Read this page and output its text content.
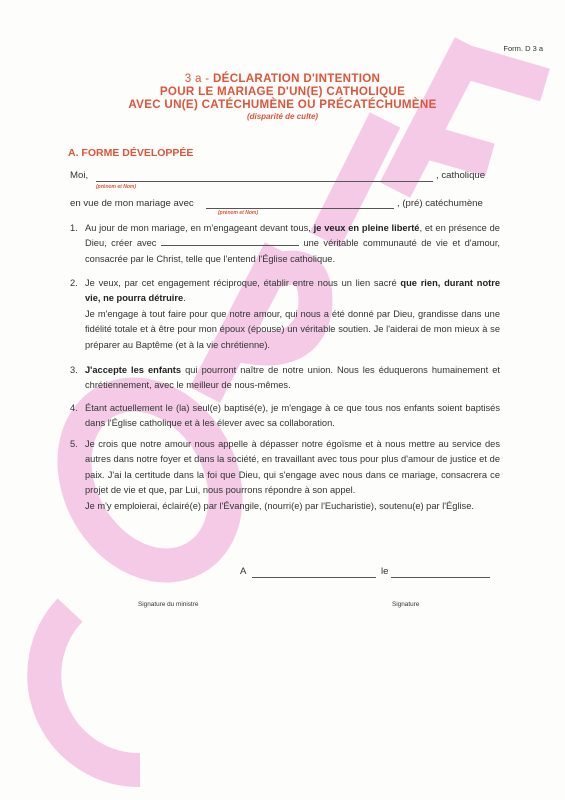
Form. D 3 a
3 a - DÉCLARATION D'INTENTION
POUR LE MARIAGE D'UN(E) CATHOLIQUE
AVEC UN(E) CATÉCHUMÈNE OU PRÉCATÉCHUMÈNE
(disparité de culte)
A. FORME DÉVELOPPÉE
Moi,	, catholique
(prénom et Nom)
en vue de mon mariage avec	, (pré) catéchumène
(prénom et Nom)
1. Au jour de mon mariage, en m'engageant devant tous, je veux en pleine liberté, et en présence de Dieu, créer avec	une véritable communauté de vie et d'amour, consacrée par le Christ, telle que l'entend l'Église catholique.
2. Je veux, par cet engagement réciproque, établir entre nous un lien sacré que rien, durant notre vie, ne pourra détruire.
Je m'engage à tout faire pour que notre amour, qui nous a été donné par Dieu, grandisse dans une fidélité totale et à être pour mon époux (épouse) un véritable soutien. Je l'aiderai de mon mieux à se préparer au Baptême (et à la vie chrétienne).
3. J'accepte les enfants qui pourront naître de notre union. Nous les éduquerons humainement et chrétiennement, avec le meilleur de nous-mêmes.
4. Étant actuellement le (la) seul(e) baptisé(e), je m'engage à ce que tous nos enfants soient baptisés dans l'Église catholique et à les élever avec sa collaboration.
5. Je crois que notre amour nous appelle à dépasser notre égoïsme et à nous mettre au service des autres dans notre foyer et dans la société, en travaillant avec tous pour plus d'amour de justice et de paix. J'ai la certitude dans la foi que Dieu, qui s'engage avec nous dans ce mariage, consacrera ce projet de vie et que, par Lui, nous pourrons répondre à son appel.
Je m'y emploierai, éclairé(e) par l'Évangile, (nourri(e) par l'Eucharistie), soutenu(e) par l'Église.
A	le
Signature du ministre	Signature
